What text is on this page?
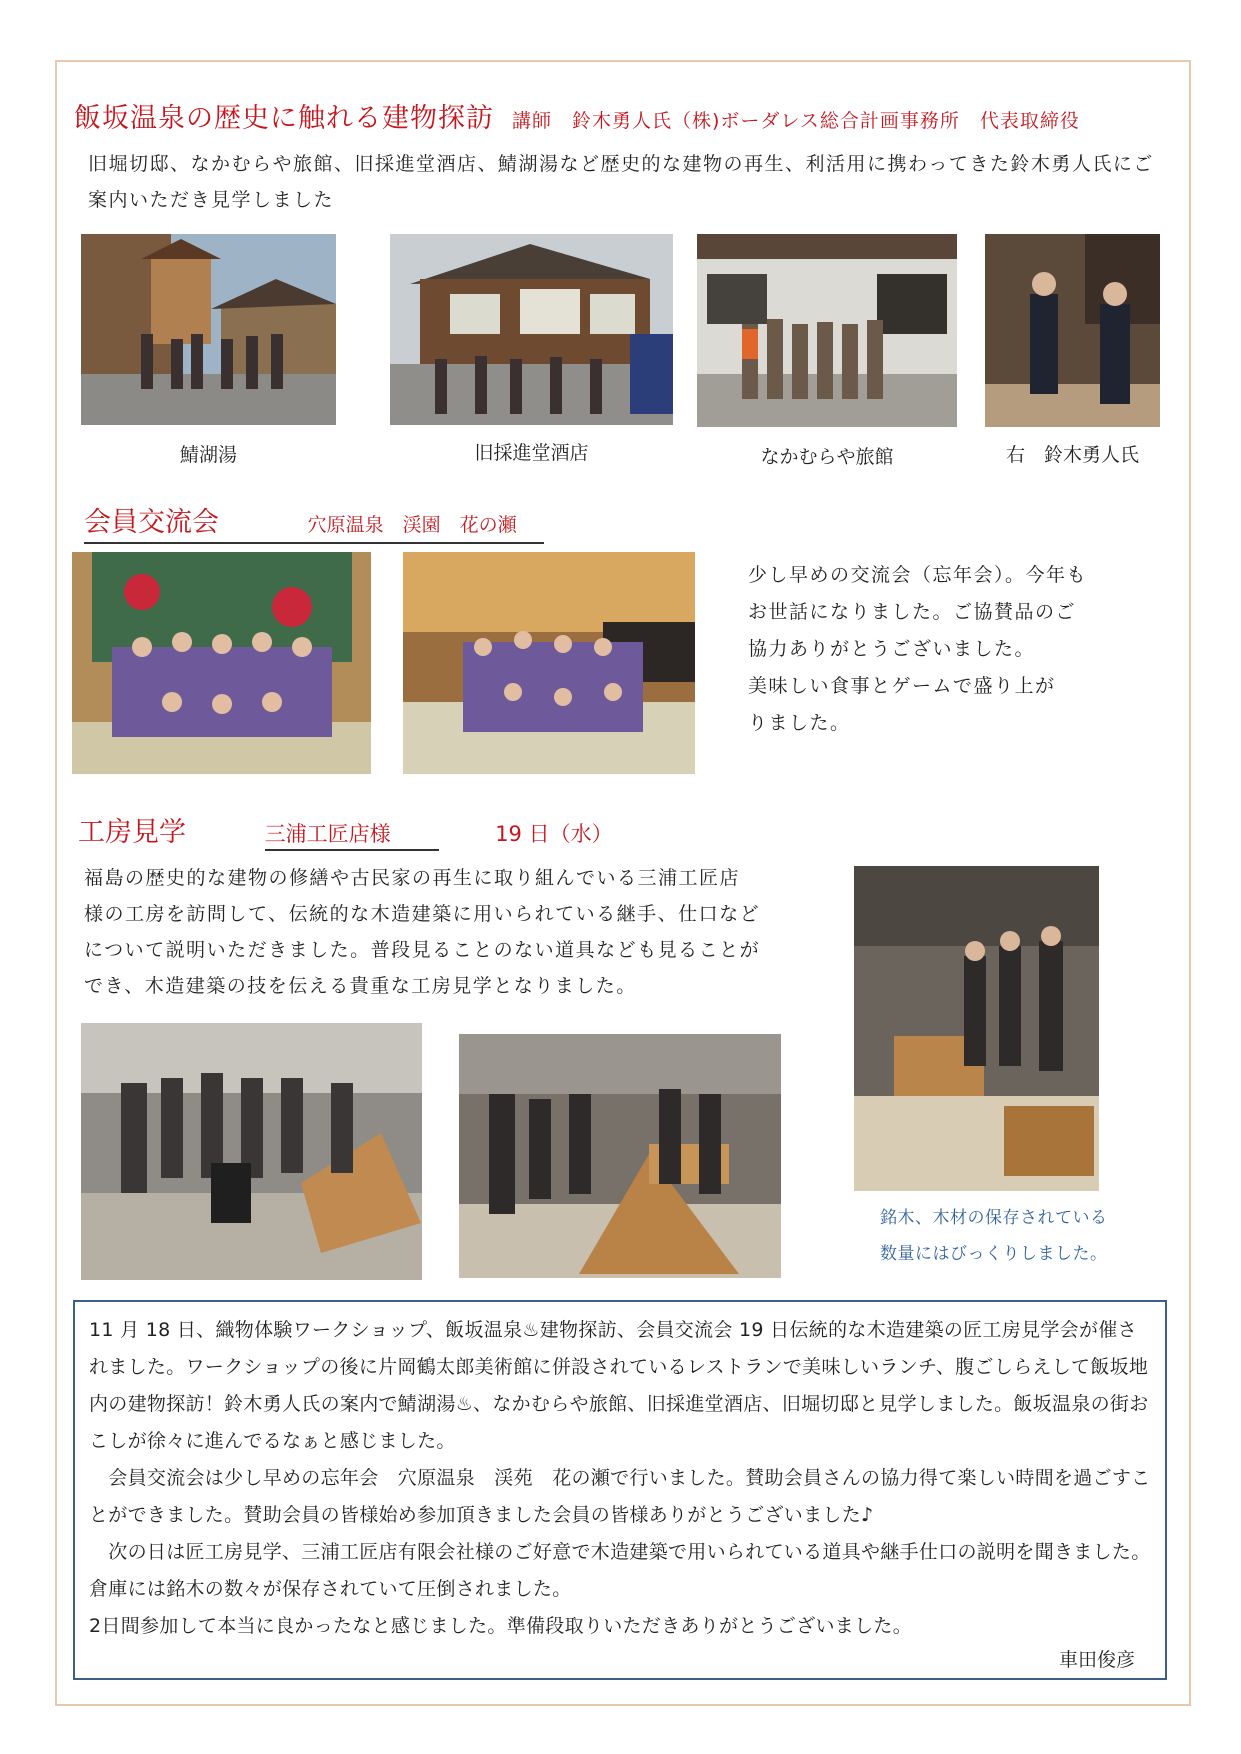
飯坂温泉の歴史に触れる建物探訪 講師　鈴木勇人氏（株)ボーダレス総合計画事務所　代表取締役
旧堀切邸、なかむらや旅館、旧採進堂酒店、鯖湖湯など歴史的な建物の再生、利活用に携わってきた鈴木勇人氏にご案内いただき見学しました
鯖湖湯	旧採進堂酒店	なかむらや旅館	右　鈴木勇人氏
会員交流会	穴原温泉　渓園　花の瀬
少し早めの交流会（忘年会）。今年も
お世話になりました。ご協賛品のご
協力ありがとうございました。
美味しい食事とゲームで盛り上が
りました。
工房見学	三浦工匠店様	19 日（水）
福島の歴史的な建物の修繕や古民家の再生に取り組んでいる三浦工匠店
様の工房を訪問して、伝統的な木造建築に用いられている継手、仕口など
について説明いただきました。普段見ることのない道具なども見ることが
でき、木造建築の技を伝える貴重な工房見学となりました。
銘木、木材の保存されている
数量にはびっくりしました。

11 月 18 日、織物体験ワークショップ、飯坂温泉♨建物探訪、会員交流会 19 日伝統的な木造建築の匠工房見学会が催されました。ワークショップの後に片岡鶴太郎美術館に併設されているレストランで美味しいランチ、腹ごしらえして飯坂地内の建物探訪！鈴木勇人氏の案内で鯖湖湯♨、なかむらや旅館、旧採進堂酒店、旧堀切邸と見学しました。飯坂温泉の街おこしが徐々に進んでるなぁと感じました。

　会員交流会は少し早めの忘年会　穴原温泉　渓苑　花の瀬で行いました。賛助会員さんの協力得て楽しい時間を過ごすことができました。賛助会員の皆様始め参加頂きました会員の皆様ありがとうございました♪

　次の日は匠工房見学、三浦工匠店有限会社様のご好意で木造建築で用いられている道具や継手仕口の説明を聞きました。倉庫には銘木の数々が保存されていて圧倒されました。

2日間参加して本当に良かったなと感じました。準備段取りいただきありがとうございました。

車田俊彦
